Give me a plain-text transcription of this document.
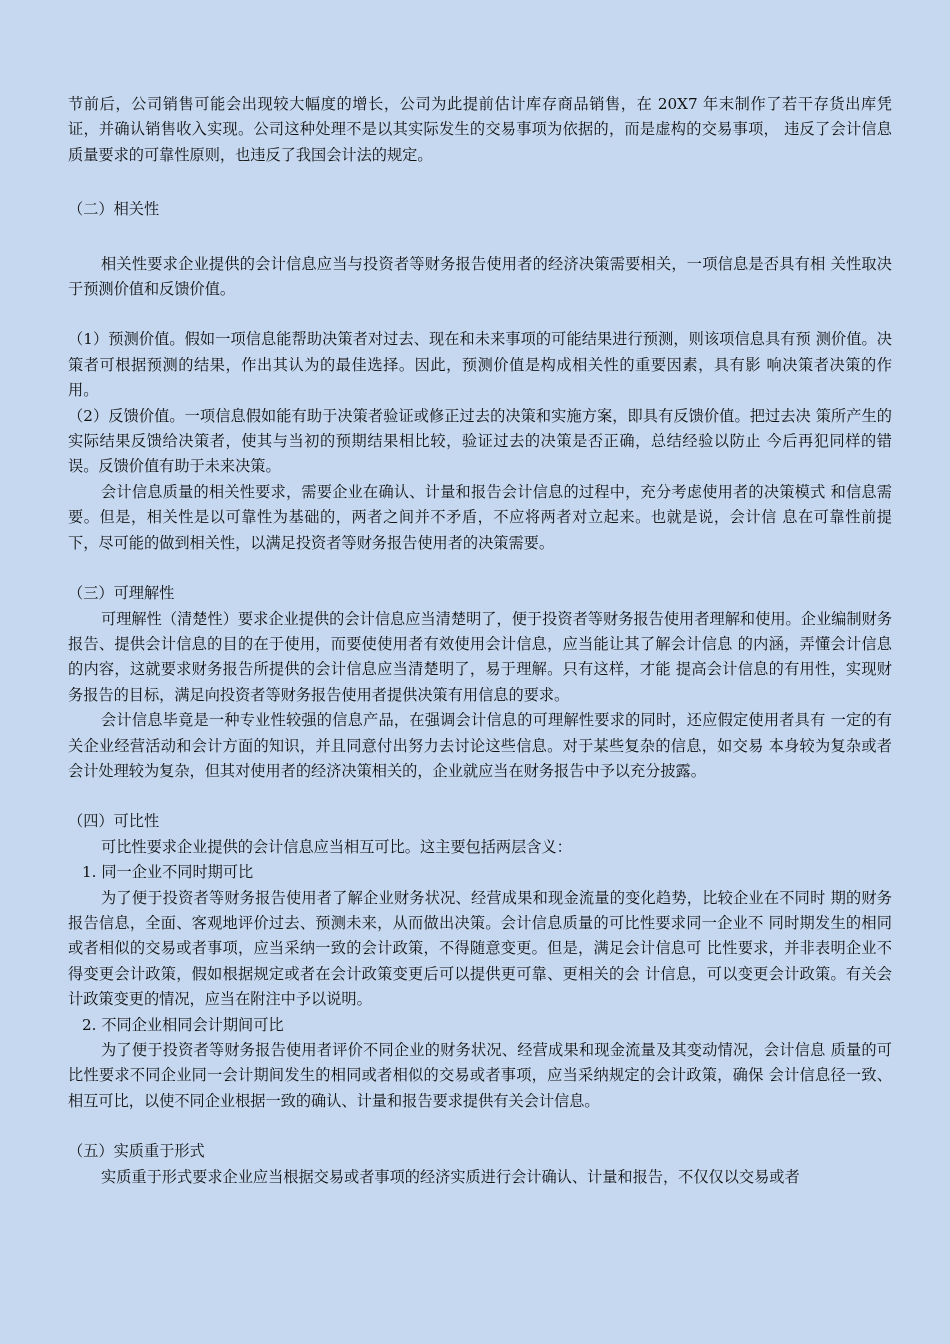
节前后，公司销售可能会出现较大幅度的增长，公司为此提前估计库存商品销售，在 20X7 年末制作了若干存货出库凭证，并确认销售收入实现。公司这种处理不是以其实际发生的交易事项为依据的，而是虚构的交易事项， 违反了会计信息质量要求的可靠性原则，也违反了我国会计法的规定。

（二）相关性

相关性要求企业提供的会计信息应当与投资者等财务报告使用者的经济决策需要相关，一项信息是否具有相 关性取决于预测价值和反馈价值。

（1）预测价值。假如一项信息能帮助决策者对过去、现在和未来事项的可能结果进行预测，则该项信息具有预 测价值。决策者可根据预测的结果，作出其认为的最佳选择。因此，预测价值是构成相关性的重要因素，具有影 响决策者决策的作用。

（2）反馈价值。一项信息假如能有助于决策者验证或修正过去的决策和实施方案，即具有反馈价值。把过去决 策所产生的实际结果反馈给决策者，使其与当初的预期结果相比较，验证过去的决策是否正确，总结经验以防止 今后再犯同样的错误。反馈价值有助于未来决策。

会计信息质量的相关性要求，需要企业在确认、计量和报告会计信息的过程中，充分考虑使用者的决策模式 和信息需要。但是，相关性是以可靠性为基础的，两者之间并不矛盾，不应将两者对立起来。也就是说，会计信 息在可靠性前提下，尽可能的做到相关性，以满足投资者等财务报告使用者的决策需要。

（三）可理解性

可理解性（清楚性）要求企业提供的会计信息应当清楚明了，便于投资者等财务报告使用者理解和使用。企业编制财务报告、提供会计信息的目的在于使用，而要使使用者有效使用会计信息，应当能让其了解会计信息 的内涵，弄懂会计信息的内容，这就要求财务报告所提供的会计信息应当清楚明了，易于理解。只有这样，才能 提高会计信息的有用性，实现财务报告的目标，满足向投资者等财务报告使用者提供决策有用信息的要求。

会计信息毕竟是一种专业性较强的信息产品，在强调会计信息的可理解性要求的同时，还应假定使用者具有 一定的有关企业经营活动和会计方面的知识，并且同意付出努力去讨论这些信息。对于某些复杂的信息，如交易 本身较为复杂或者会计处理较为复杂，但其对使用者的经济决策相关的，企业就应当在财务报告中予以充分披露。

（四）可比性

可比性要求企业提供的会计信息应当相互可比。这主要包括两层含义：

1. 同一企业不同时期可比

为了便于投资者等财务报告使用者了解企业财务状况、经营成果和现金流量的变化趋势，比较企业在不同时 期的财务报告信息，全面、客观地评价过去、预测未来，从而做出决策。会计信息质量的可比性要求同一企业不 同时期发生的相同或者相似的交易或者事项，应当采纳一致的会计政策，不得随意变更。但是，满足会计信息可 比性要求，并非表明企业不得变更会计政策，假如根据规定或者在会计政策变更后可以提供更可靠、更相关的会 计信息，可以变更会计政策。有关会计政策变更的情况，应当在附注中予以说明。

2. 不同企业相同会计期间可比

为了便于投资者等财务报告使用者评价不同企业的财务状况、经营成果和现金流量及其变动情况，会计信息 质量的可比性要求不同企业同一会计期间发生的相同或者相似的交易或者事项，应当采纳规定的会计政策，确保 会计信息径一致、相互可比，以使不同企业根据一致的确认、计量和报告要求提供有关会计信息。

（五）实质重于形式

实质重于形式要求企业应当根据交易或者事项的经济实质进行会计确认、计量和报告，不仅仅以交易或者
